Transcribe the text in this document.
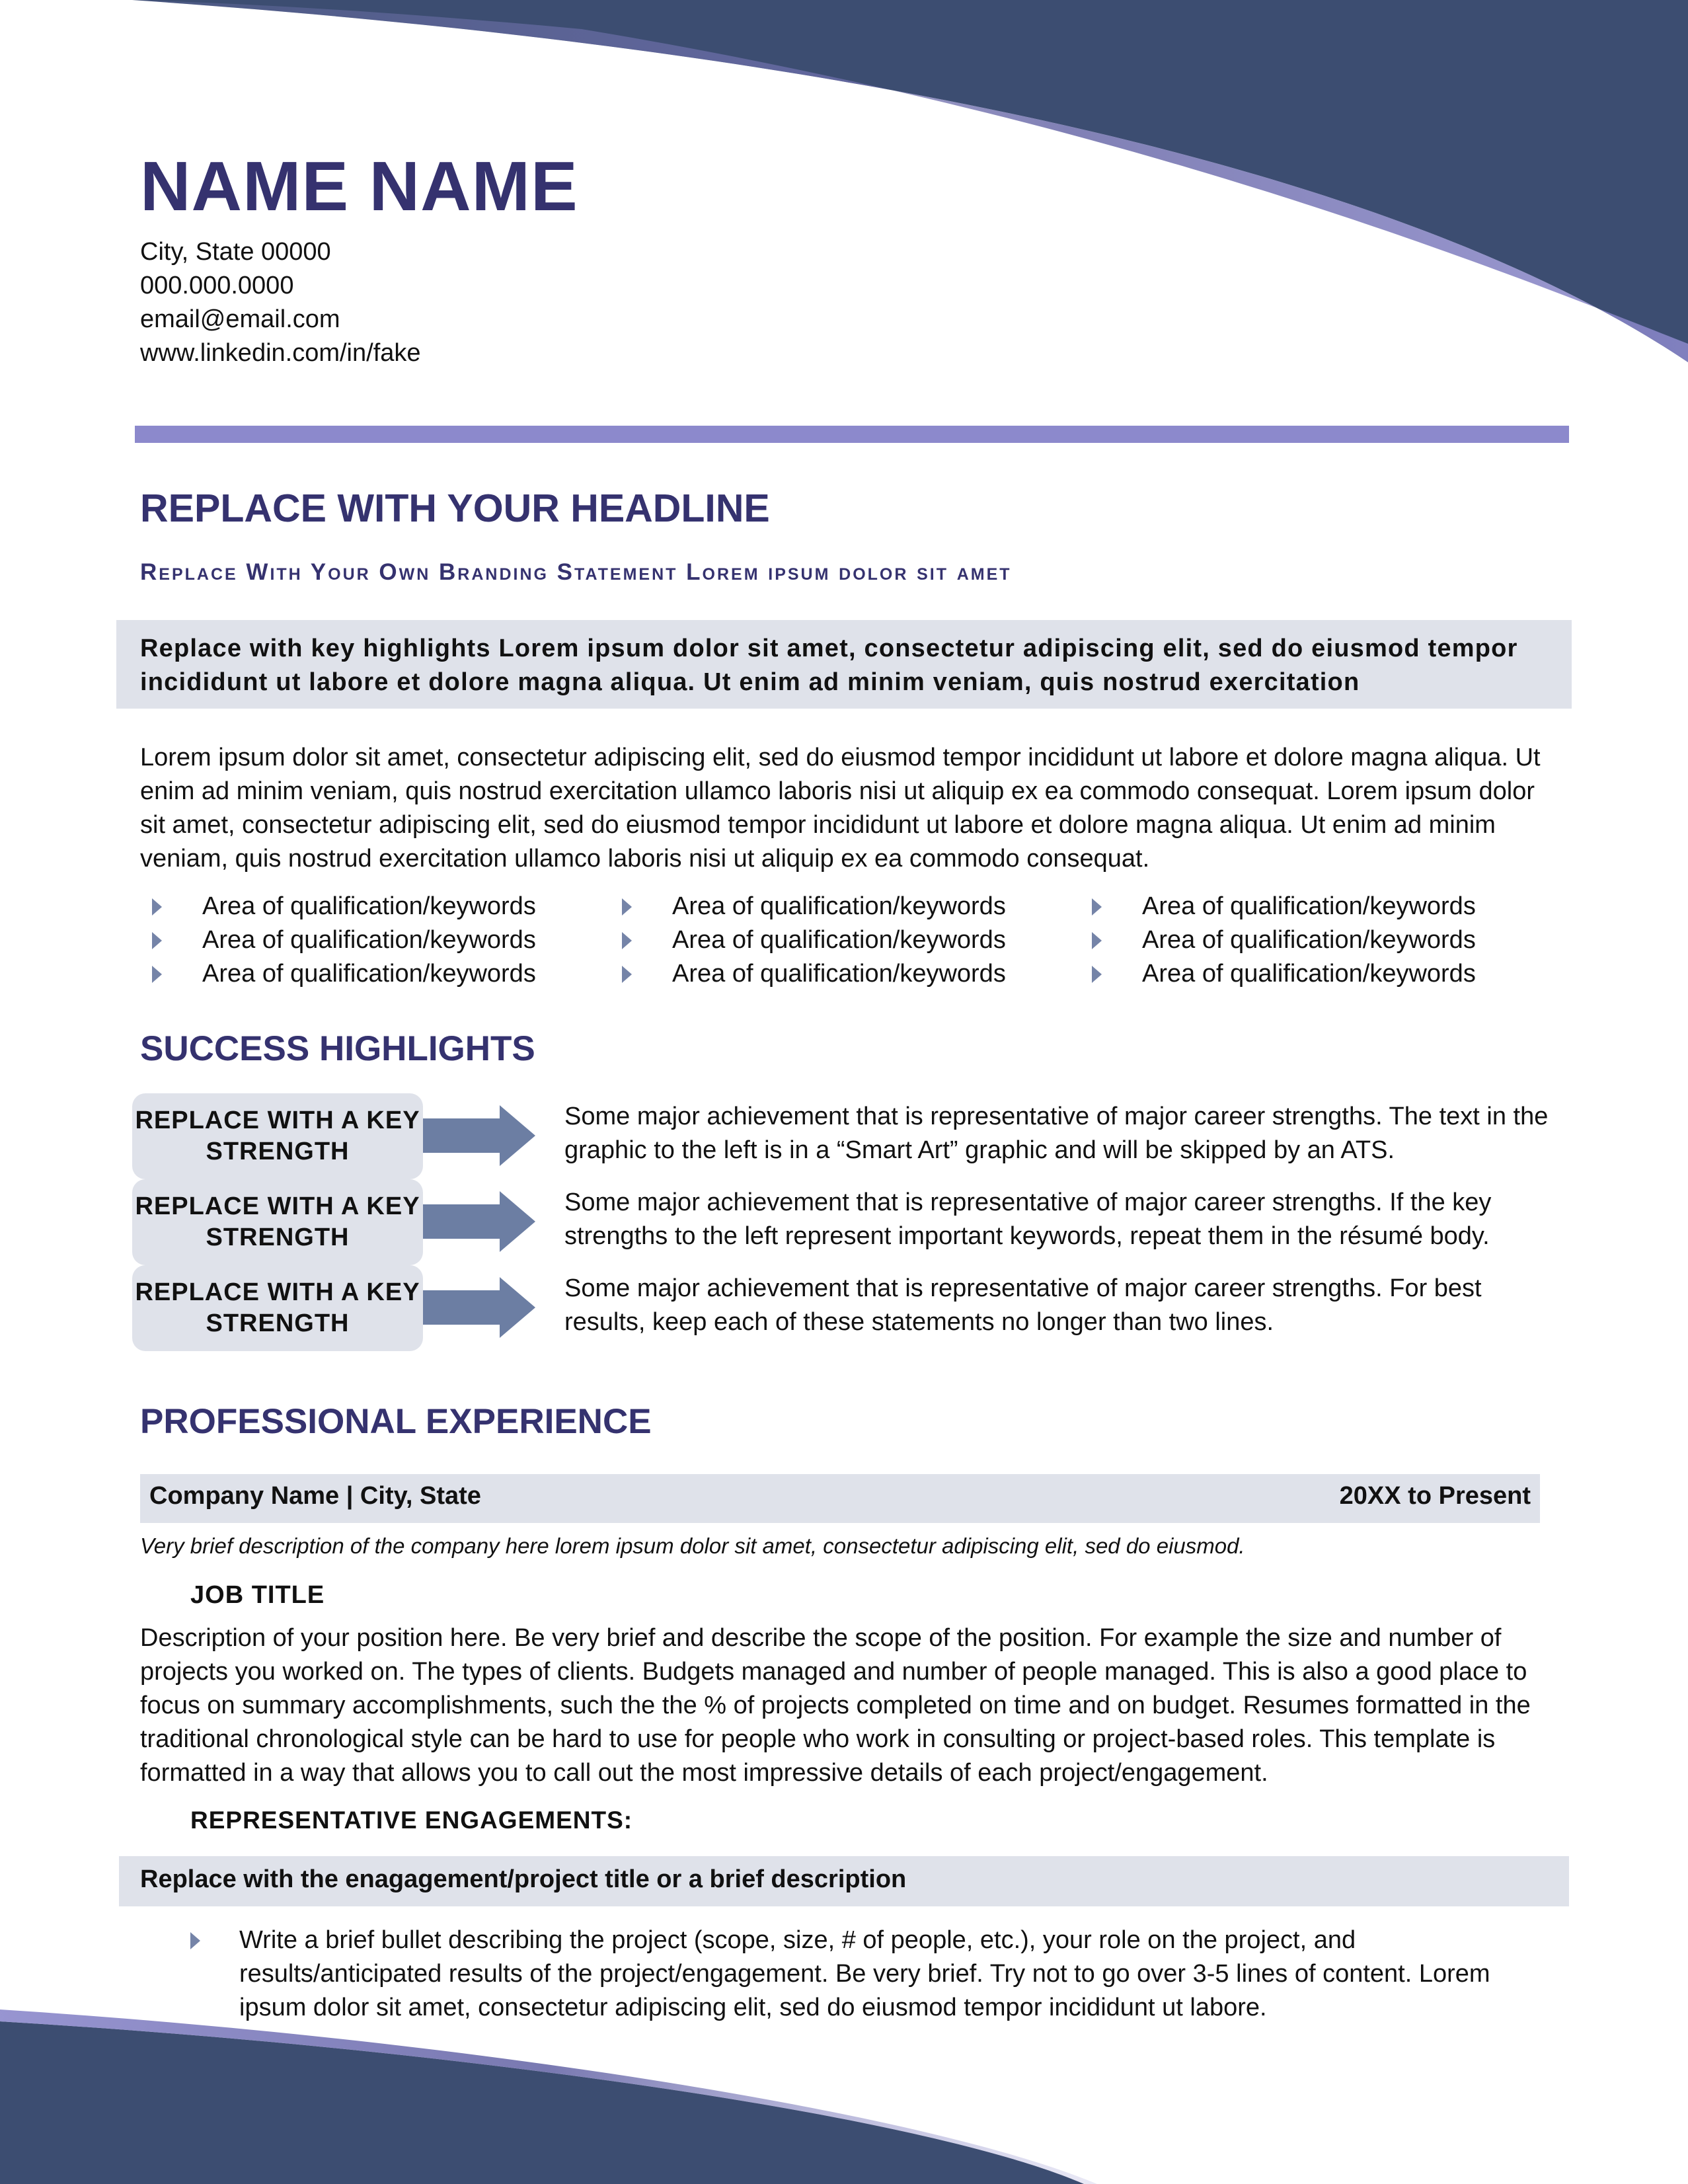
NAME NAME
City, State 00000
000.000.0000
email@email.com
www.linkedin.com/in/fake
REPLACE WITH YOUR HEADLINE
Replace With Your Own Branding Statement Lorem ipsum dolor sit amet
Replace with key highlights Lorem ipsum dolor sit amet, consectetur adipiscing elit, sed do eiusmod tempor incididunt ut labore et dolore magna aliqua. Ut enim ad minim veniam, quis nostrud exercitation
Lorem ipsum dolor sit amet, consectetur adipiscing elit, sed do eiusmod tempor incididunt ut labore et dolore magna aliqua. Ut enim ad minim veniam, quis nostrud exercitation ullamco laboris nisi ut aliquip ex ea commodo consequat. Lorem ipsum dolor sit amet, consectetur adipiscing elit, sed do eiusmod tempor incididunt ut labore et dolore magna aliqua. Ut enim ad minim veniam, quis nostrud exercitation ullamco laboris nisi ut aliquip ex ea commodo consequat.
Area of qualification/keywords
Area of qualification/keywords
Area of qualification/keywords
Area of qualification/keywords
Area of qualification/keywords
Area of qualification/keywords
Area of qualification/keywords
Area of qualification/keywords
Area of qualification/keywords
SUCCESS HIGHLIGHTS
REPLACE WITH A KEY STRENGTH
Some major achievement that is representative of major career strengths. The text in the graphic to the left is in a “Smart Art” graphic and will be skipped by an ATS.
REPLACE WITH A KEY STRENGTH
Some major achievement that is representative of major career strengths. If the key strengths to the left represent important keywords, repeat them in the résumé body.
REPLACE WITH A KEY STRENGTH
Some major achievement that is representative of major career strengths. For best results, keep each of these statements no longer than two lines.
PROFESSIONAL EXPERIENCE
Company Name | City, State	20XX to Present
Very brief description of the company here lorem ipsum dolor sit amet, consectetur adipiscing elit, sed do eiusmod.
JOB TITLE
Description of your position here. Be very brief and describe the scope of the position. For example the size and number of projects you worked on. The types of clients. Budgets managed and number of people managed. This is also a good place to focus on summary accomplishments, such the the % of projects completed on time and on budget. Resumes formatted in the traditional chronological style can be hard to use for people who work in consulting or project-based roles. This template is formatted in a way that allows you to call out the most impressive details of each project/engagement.
REPRESENTATIVE ENGAGEMENTS:
Replace with the enagagement/project title or a brief description
Write a brief bullet describing the project (scope, size, # of people, etc.), your role on the project, and results/anticipated results of the project/engagement. Be very brief. Try not to go over 3-5 lines of content. Lorem ipsum dolor sit amet, consectetur adipiscing elit, sed do eiusmod tempor incididunt ut labore.
